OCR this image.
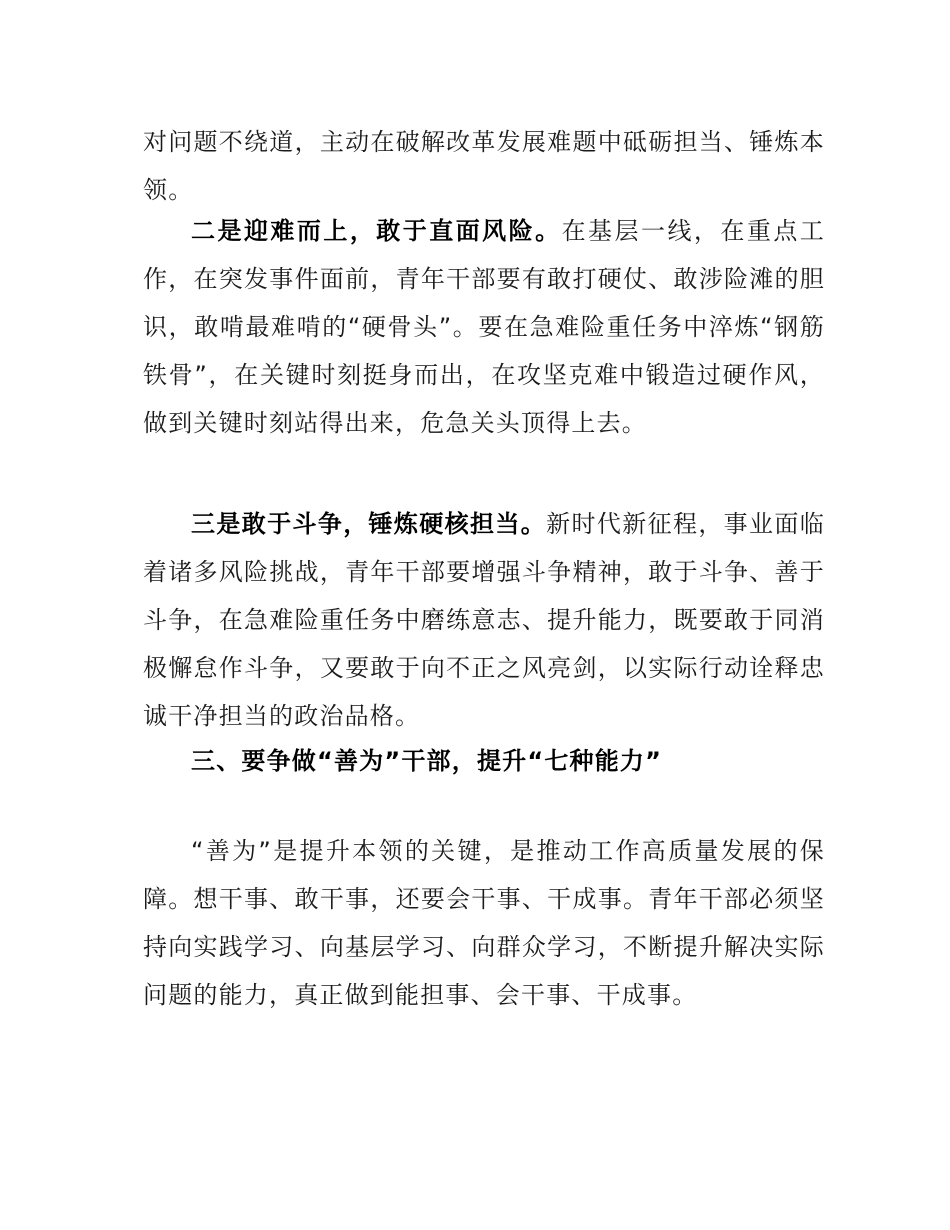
对问题不绕道，主动在破解改革发展难题中砥砺担当、锤炼本领。

二是迎难而上，敢于直面风险。在基层一线，在重点工作，在突发事件面前，青年干部要有敢打硬仗、敢涉险滩的胆识，敢啃最难啃的“硬骨头”。要在急难险重任务中淬炼“钢筋铁骨”，在关键时刻挺身而出，在攻坚克难中锻造过硬作风，做到关键时刻站得出来，危急关头顶得上去。

三是敢于斗争，锤炼硬核担当。新时代新征程，事业面临着诸多风险挑战，青年干部要增强斗争精神，敢于斗争、善于斗争，在急难险重任务中磨练意志、提升能力，既要敢于同消极懈怠作斗争，又要敢于向不正之风亮剑，以实际行动诠释忠诚干净担当的政治品格。

三、要争做“善为”干部，提升“七种能力”

“善为”是提升本领的关键，是推动工作高质量发展的保障。想干事、敢干事，还要会干事、干成事。青年干部必须坚持向实践学习、向基层学习、向群众学习，不断提升解决实际问题的能力，真正做到能担事、会干事、干成事。
